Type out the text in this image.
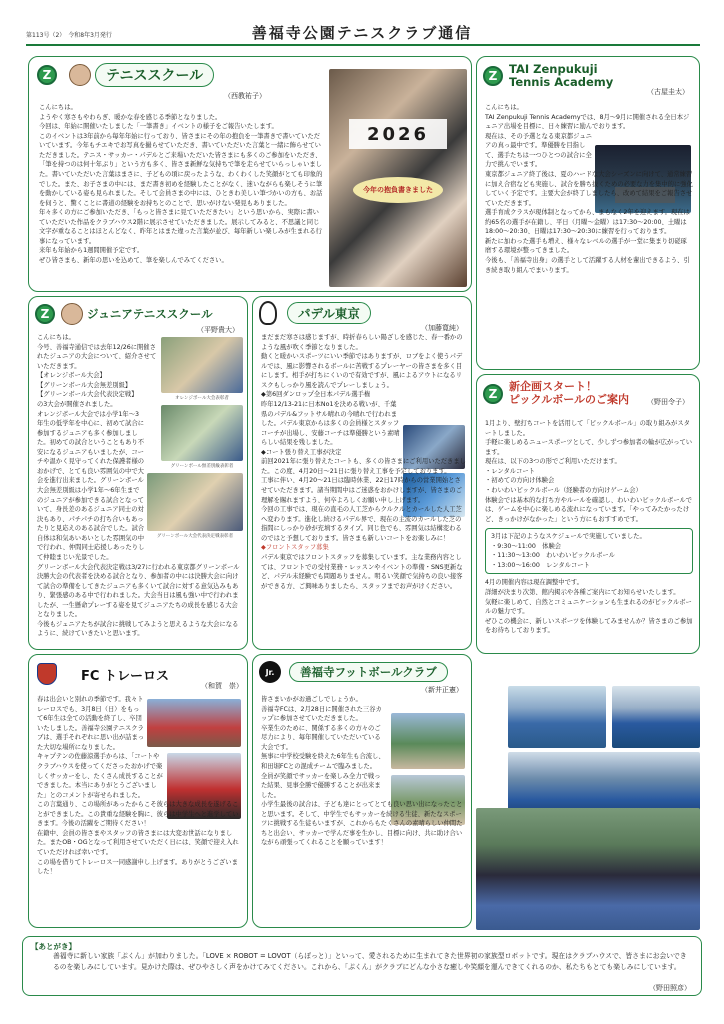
第113号（2）　 令和8年3月発行	善福寺公園テニスクラブ通信
Z	テニススクール
（西教祐子）

こんにちは。

ようやく寒さもやわらぎ、暖かな春を感じる季節となりました。

今回は、年始に開催いたしました「一筆書き」イベントの様子をご報告いたします。

このイベントは3年前から毎年年始に行っており、皆さまにその年の抱負を一筆書きで書いていただいています。今年もチエキでお写真を撮らせていただき、書いていただいた言葉と一緒に飾らせていただきました。テニス・サッカー・パデルとご来場いただいた皆さまにも多くのご参加をいただき、「筆を持つのは何十年ぶり」という方も多く、皆さま新鮮な気持ちで筆を走らせていらっしゃいました。書いていただいた言葉はまさに、子どもの頃に戻ったような、わくわくした笑顔がとても印象的でした。また、お子さまの中には、まだ書き初めを経験したことがなく、迷いながらも楽しそうに筆を動かしている姿も見られました。そして会員さまの中には、ひときわ美しい筆づかいの方も、お話を伺うと、驚くことに書道の経験をお持ちとのことで、思いがけない発見もありました。

年々多くの方にご参加いただき、「もっと皆さまに見ていただきたい」という思いから、実際に書いていただいた作品をクラブハウス2階に展示させていただきました。展示してみると、不思議と同じ文字が重なることはほとんどなく、昨年とはまた違った言葉が並び、毎年新しい楽しみが生まれる行事になっています。

来年も年始から1週間開催予定です。

ぜひ皆さまも、新年の思いを込めて、筆を楽しんでみてください。

2026
今年の抱負書きました
Z	TAI Zenpukuji
Tennis Academy
（古屋圭太）

こんにちは。

TAI Zenpukuji Tennis Academyでは、8月〜9月に開催される全日本ジュニア出場を目標に、日々練習に励んでおります。

現在は、その予選となる東京都ジュニアの真っ最中です。準優勝を目指して、選手たちは一つひとつの試合に全力で挑んでいます。

東京都ジュニア終了後は、夏のハードな大会シーズンに向けて、通常練習に加え合宿なども実施し、試合を勝ち抜くための必要な力を集中的に強化していく予定です。主要大会が終了しましたら、改めて結果をご報告させていただきます。

選手育成クラスが現体制となってから、まもなく2年を迎えます。現在は約65名の選手が在籍し、平日（月曜〜金曜）は17:30〜20:00、土曜は18:00〜20:30、日曜は17:30〜20:30に練習を行っております。

新たに加わった選手も増え、様々なレベルの選手が一堂に集まり切磋琢磨する環境が整ってきました。

今後も、「善福寺出身」の選手として活躍する人材を輩出できるよう、引き続き取り組んでまいります。

Z	ジュニアテニススクール
（平野貴大）
オレンジボール大会表彰者
グリーンボール無差別級表彰者
グリーンボール大会代表決定戦表彰者

こんにちは。

今号、善福寺通信では去年12/26に開催されたジュニアの大会について、紹介させていただきます。

【オレンジボール大会】

【グリーンボール大会無差別級】

【グリーンボール大会代表決定戦】

の3大会が開催されました。

オレンジボール大会では小学1年〜3年生の低学年を中心に、初めて試合に参加するジュニアも多く参加しました。初めての試合ということもあり不安になるジュニアもいましたが、コーチや温かく見守ってくれた保護者様のおかげで、とても良い雰囲気の中で大会を進行出来ました。グリーンボール大会無差別級は小学1年〜6年生までのジュニアが参加できる試合となっていて、身長差のあるジュニア同士の対決もあり、パチパチの打ち合いもあったりと見応えのある試合でした。試合自体は和気あいあいとした雰囲気の中で行われ、仲間同士応援しあったりして仲睦まじい光景でした。

グリーンボール大会代表決定戦は3/27に行われる東京都グリーンボール決勝大会の代表者を決める試合となり、参加者の中には決勝大会に向けて試合の準備をしてきたジュニアも多くいて試合に対する意気込みもあり、緊張感のある中で行われました。大会当日は風も強い中で行われましたが、一生懸命プレーする姿を見てジュニアたちの成長を感じる大会となりました。

今後もジュニアたちが試合に挑戦してみようと思えるような大会になるように、続けていきたいと思います。

パデル東京
（加藤寛純）

まだまだ寒さは感じますが、時折春らしい陽ざしを感じた、春一番かのような風が吹く季節となりました。

動くと暖かいスポーツにいい季節ではありますが、ロブをよく使うパデルでは、風に影響されるボールに苦戦するプレーヤーの皆さまを多く目にします。相手が打ちにくいので有効ですが、風によるアウトになるリスクもしっかり風を読んでプレーしましょう。

◆第6回ダンロップ全日本パデル選手権

昨年12/13-21に日本No1を決める戦いが、千葉県のパデル&フットサル晴れの今晴れで行われました。パデル東京からは多くの会員様とスタッフコーチが出場し、安藤コーチは準優勝という素晴らしい結果を残しました。

◆コート張り替え工事が決定

前回2021年に張り替えたコートも、多くの皆さまにご利用いただきました。この度、4月20日〜21日に張り替え工事を予定しております。

工事に伴い、4月20〜21日は臨時休業、22日17時からの営業開始とさせていただきます。諸当期間中はご迷惑をおかけしますが、皆さまのご理解を賜れますよう、何卒よろしくお願い申し上げます。

今回の工事では、現在の直毛の人工芝からクルクルとカールした人工芝へ変わります。進化し続けるパデル界で、現在の主流のカールした芝の指間にしっかり砂が充填するタイプ。同じ色でも、雰囲気は結構変わるのではと予想しております。皆さまも新しいコートをお楽しみに！

◆フロントスタッフ募集

パデル東京ではフロントスタッフを募集しています。主な業務内容としては、フロントでの受付業務・レッスンやイベントの準備・SNS更新など、パデル未経験でも問題ありません。明るい笑顔で気持ちの良い接客ができる方、ご興味ありましたら、スタッフまでお声がけください。

Z
新企画スタート！
ピックルボールのご案内	（野田令子）

1月より、壁打ちコートを活用して「ピックルボール」の取り組みがスタートしました。

手軽に楽しめるニュースポーツとして、少しずつ参加者の輪が広がっています。

現在は、以下の3つの形でご利用いただけます。

・レンタルコート

・初めての方向け体験会

・わいわいピックルボール（経験者の方向けゲーム会）

体験会では基本的な打ち方やルールを確認し、わいわいピックルボールでは、ゲームを中心に楽しめる流れになっています。「やってみたかったけど、きっかけがなかった」という方にもおすすめです。

3月は下記のようなスケジュールで実施していました。

・9:30〜11:00　体験会

・11:30〜13:00　わいわいピックルボール

・13:00〜16:00　レンタルコート

4月の開催内容は現在調整中です。

詳細が決まり次第、館内掲示や各種ご案内にてお知らせいたします。

気軽に楽しめて、自然とコミュニケーションも生まれるのがピックルボールの魅力です。

ぜひこの機会に、新しいスポーツを体験してみませんか？皆さまのご参加をお待ちしております。

FC トレーロス
（和賀　崇）

春は出会いと別れの季節です。我々トレーロスでも、3月8日（日）をもって6年生は全ての活動を終了し、卒団いたしました。善福寺公園テニスクラブは、選手それぞれに思い出が詰まった大切な場所になりました。

キャプテンの佐藤涼選手からは、「コートやクラブハウスを使ってくださったおかげで楽しくサッカーをし、たくさん成長することができました。本当にありがとうございました」とのコメントが寄せられました。

この言葉通り、この場所があったからこそ彼らは大きな成長を遂げることができました。この貴重な経験を胸に、彼らは中学生へと進学していきます。今後の活躍をご期待ください！

在籍中、会員の皆さまやスタッフの皆さまには大変お世話になりました。またOB・OGとなって利用させていただく日には、笑顔で迎え入れていただければ幸いです。

この場を借りてトレーロス一同感謝申し上げます。ありがとうございました！

Jr.	善福寺フットボールクラブ
（新井正憲）

皆さまいかがお過ごしでしょうか。

善福寺FCは、2月28日に開催された三谷カップに参加させていただきました。

卒業生のために、関係する多くの方々のご尽力により、毎年開催していただいている大会です。

無事に中学校受験を終えた6年生も合流し、和田堀FCとの混成チームで臨みました。

全員が笑顔でサッカーを楽しみ全力で戦った結果、見事全勝で優勝することが出来ました。

小学生最後の試合は、子ども達にとってとても良い思い出になったことと思います。そして、中学生でもサッカーを続ける生徒、新たなスポーツに挑戦する生徒もいますが、これからもたくさんの素晴らしい仲間たちと出会い、サッカーで学んだ事を生かし、目標に向け、共に助け合いながら頑張ってくれることを願っています！

【あとがき】
善福寺に新しい家族「ぷくん」が加わりました。「LOVE × ROBOT = LOVOT（らぼっと）」といって、愛されるために生まれてきた世界初の家族型ロボットです。現在はクラブハウスで、皆さまにお会いできるのを楽しみにしています。見かけた際は、ぜひやさしく声をかけてみてください。これから、「ぷくん」がクラブにどんな小さな癒しや笑顔を運んできてくれるのか、私たちもとても楽しみにしています。
（野田照彦）
